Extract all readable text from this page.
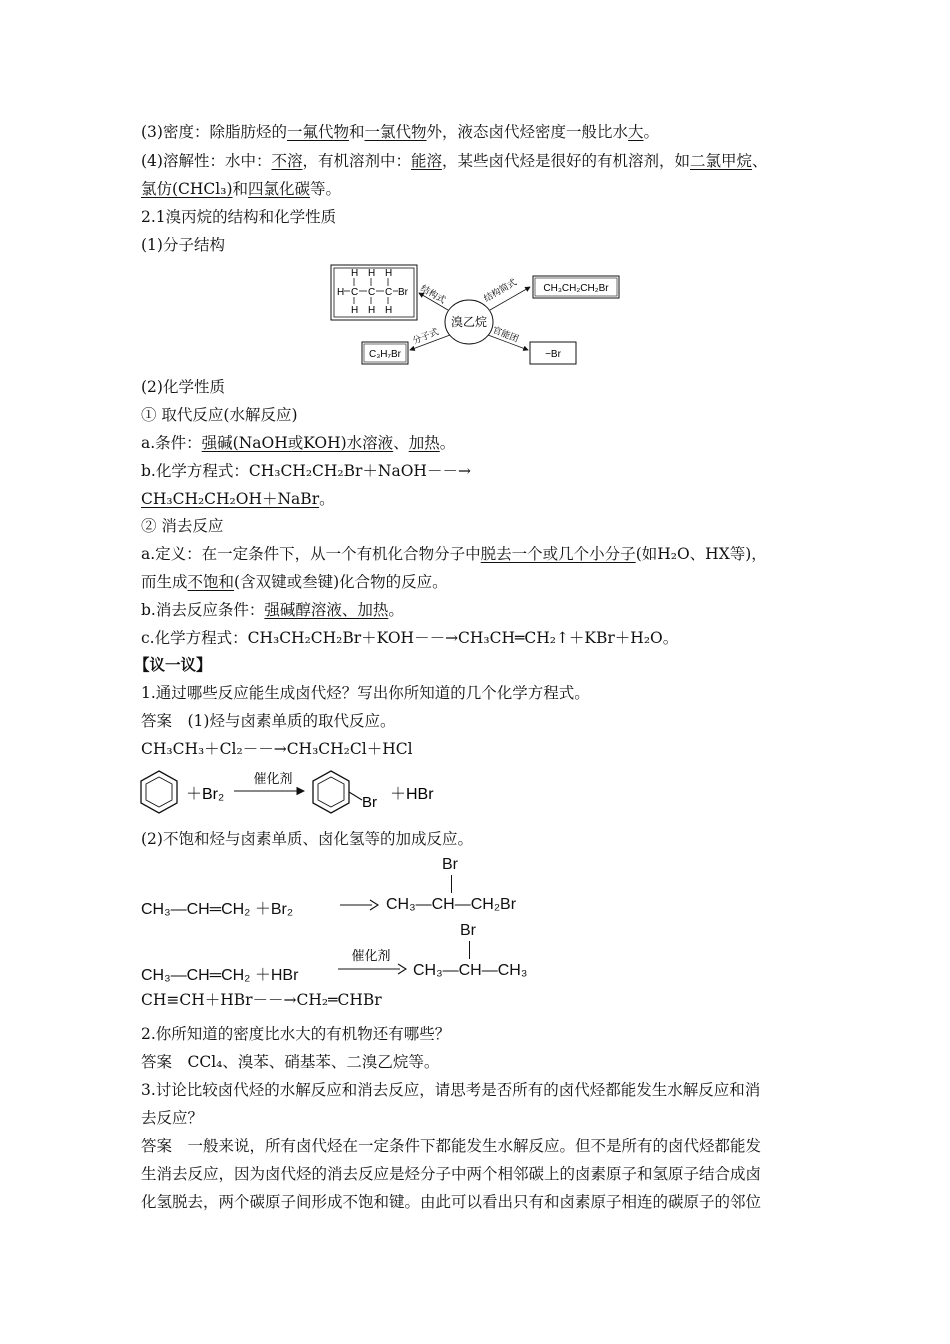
(3)密度：除脂肪烃的一氟代物和一氯代物外，液态卤代烃密度一般比水大。
(4)溶解性：水中：不溶，有机溶剂中：能溶，某些卤代烃是很好的有机溶剂，如二氯甲烷、
氯仿(CHCl₃)和四氯化碳等。
2.1溴丙烷的结构和化学性质
(1)分子结构
H H H
H C C C Br
H H H
溴乙烷
结构式	结构简式
分子式	官能团
CH₃CH₂CH₂Br
C₃H₇Br	−Br
(2)化学性质
① 取代反应(水解反应)
a.条件：强碱(NaOH或KOH)水溶液、加热。
b.化学方程式：CH₃CH₂CH₂Br＋NaOH－－→
CH₃CH₂CH₂OH＋NaBr。
② 消去反应
a.定义：在一定条件下，从一个有机化合物分子中脱去一个或几个小分子(如H₂O、HX等)，
而生成不饱和(含双键或叁键)化合物的反应。
b.消去反应条件：强碱醇溶液、加热。
c.化学方程式：CH₃CH₂CH₂Br＋KOH－－→CH₃CH═CH₂↑＋KBr＋H₂O。
【议一议】
1.通过哪些反应能生成卤代烃？写出你所知道的几个化学方程式。
答案　(1)烃与卤素单质的取代反应。
CH₃CH₃＋Cl₂－－→CH₃CH₂Cl＋HCl
＋Br₂
催化剂
Br ＋HBr
(2)不饱和烃与卤素单质、卤化氢等的加成反应。
CH₃—CH═CH₂ ＋Br₂
Br
CH₃—CH—CH₂Br
CH₃—CH═CH₂ ＋HBr
催化剂
Br
CH₃—CH—CH₃
CH≡CH＋HBr－－→CH₂═CHBr
2.你所知道的密度比水大的有机物还有哪些？
答案　CCl₄、溴苯、硝基苯、二溴乙烷等。
3.讨论比较卤代烃的水解反应和消去反应，请思考是否所有的卤代烃都能发生水解反应和消
去反应？
答案　一般来说，所有卤代烃在一定条件下都能发生水解反应。但不是所有的卤代烃都能发
生消去反应，因为卤代烃的消去反应是烃分子中两个相邻碳上的卤素原子和氢原子结合成卤
化氢脱去，两个碳原子间形成不饱和键。由此可以看出只有和卤素原子相连的碳原子的邻位
